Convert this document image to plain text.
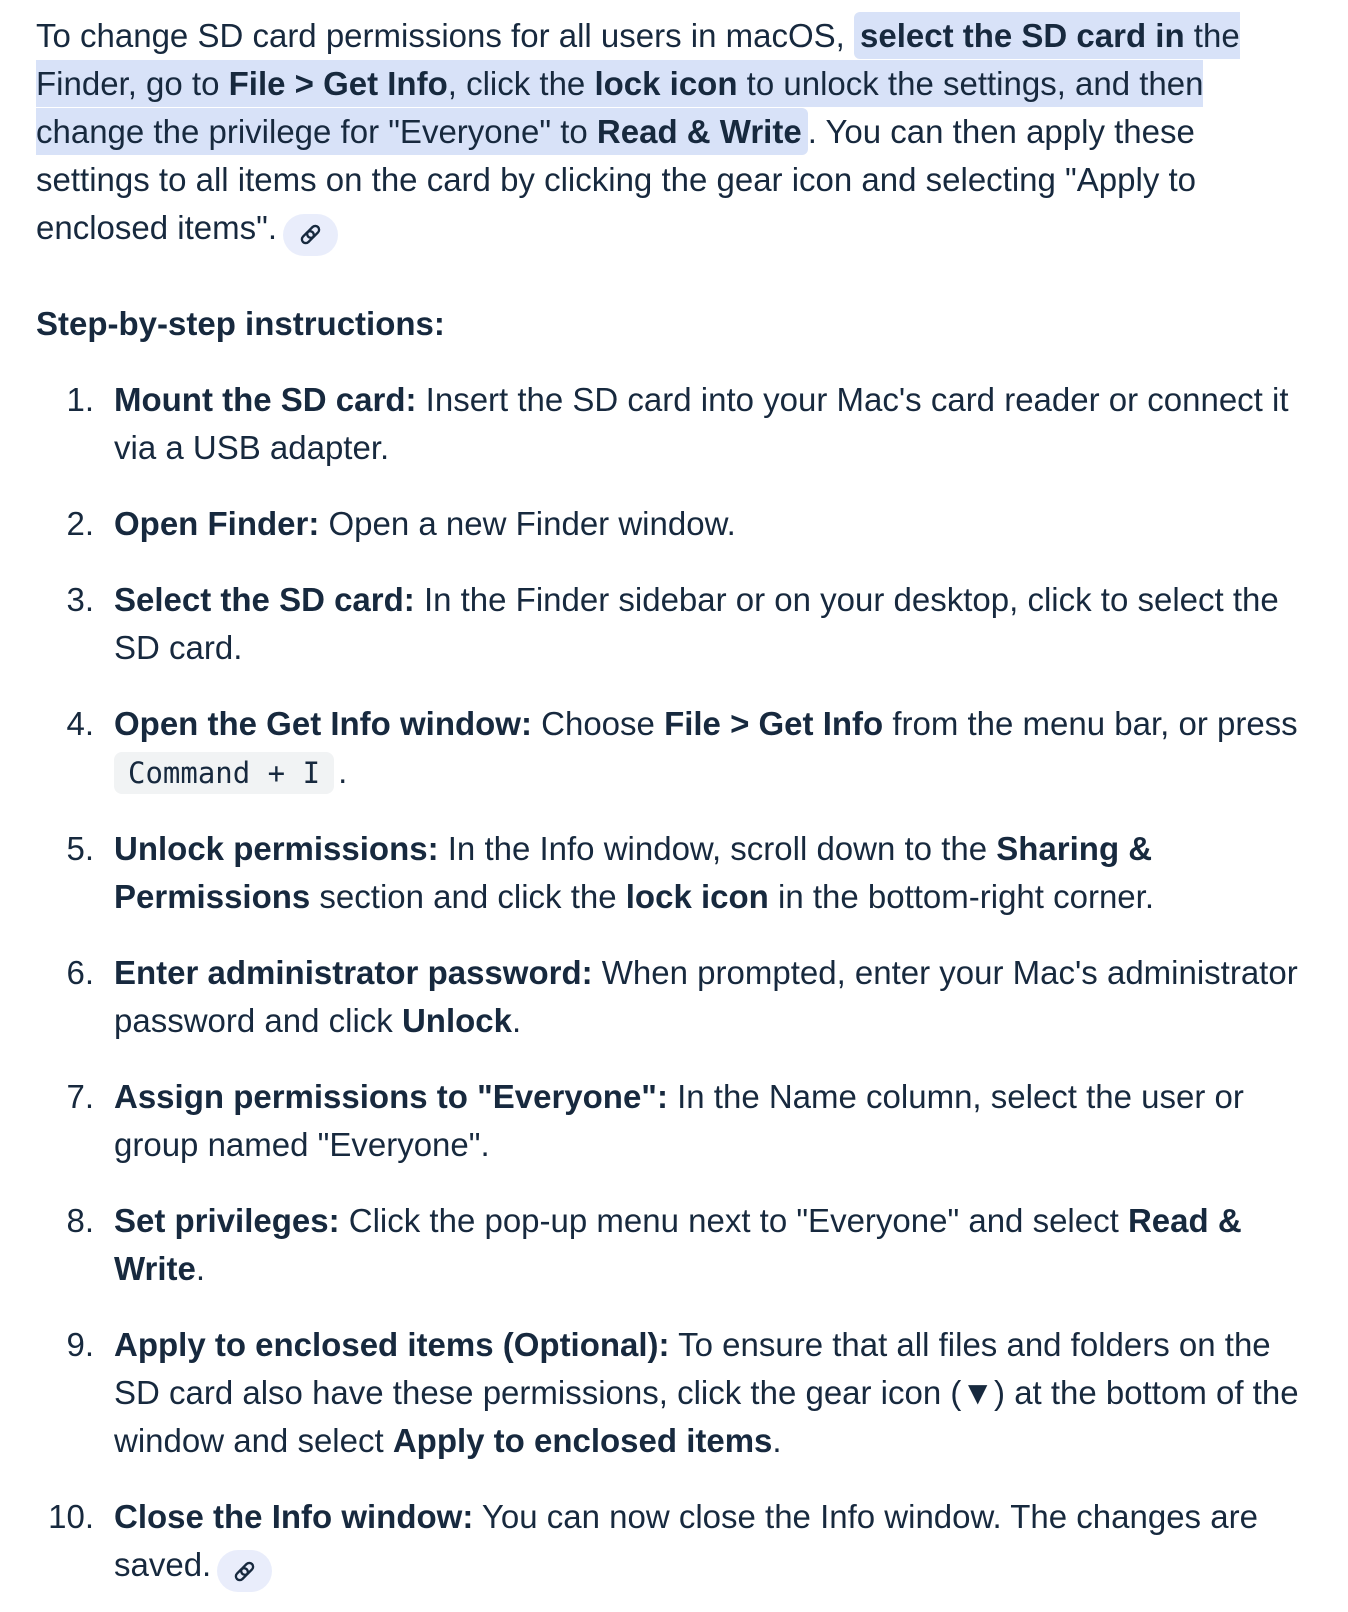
To change SD card permissions for all users in macOS, select the SD card in the Finder, go to File > Get Info, click the lock icon to unlock the settings, and then change the privilege for "Everyone" to Read & Write . You can then apply these settings to all items on the card by clicking the gear icon and selecting "Apply to enclosed items".

Step-by-step instructions:
Mount the SD card: Insert the SD card into your Mac's card reader or connect it via a USB adapter.
Open Finder: Open a new Finder window.
Select the SD card: In the Finder sidebar or on your desktop, click to select the SD card.
Open the Get Info window: Choose File > Get Info from the menu bar, or press Command + I .
Unlock permissions: In the Info window, scroll down to the Sharing & Permissions section and click the lock icon in the bottom-right corner.
Enter administrator password: When prompted, enter your Mac's administrator password and click Unlock.
Assign permissions to "Everyone": In the Name column, select the user or group named "Everyone".
Set privileges: Click the pop-up menu next to "Everyone" and select Read & Write.
Apply to enclosed items (Optional): To ensure that all files and folders on the SD card also have these permissions, click the gear icon (▼) at the bottom of the window and select Apply to enclosed items.
Close the Info window: You can now close the Info window. The changes are saved.
